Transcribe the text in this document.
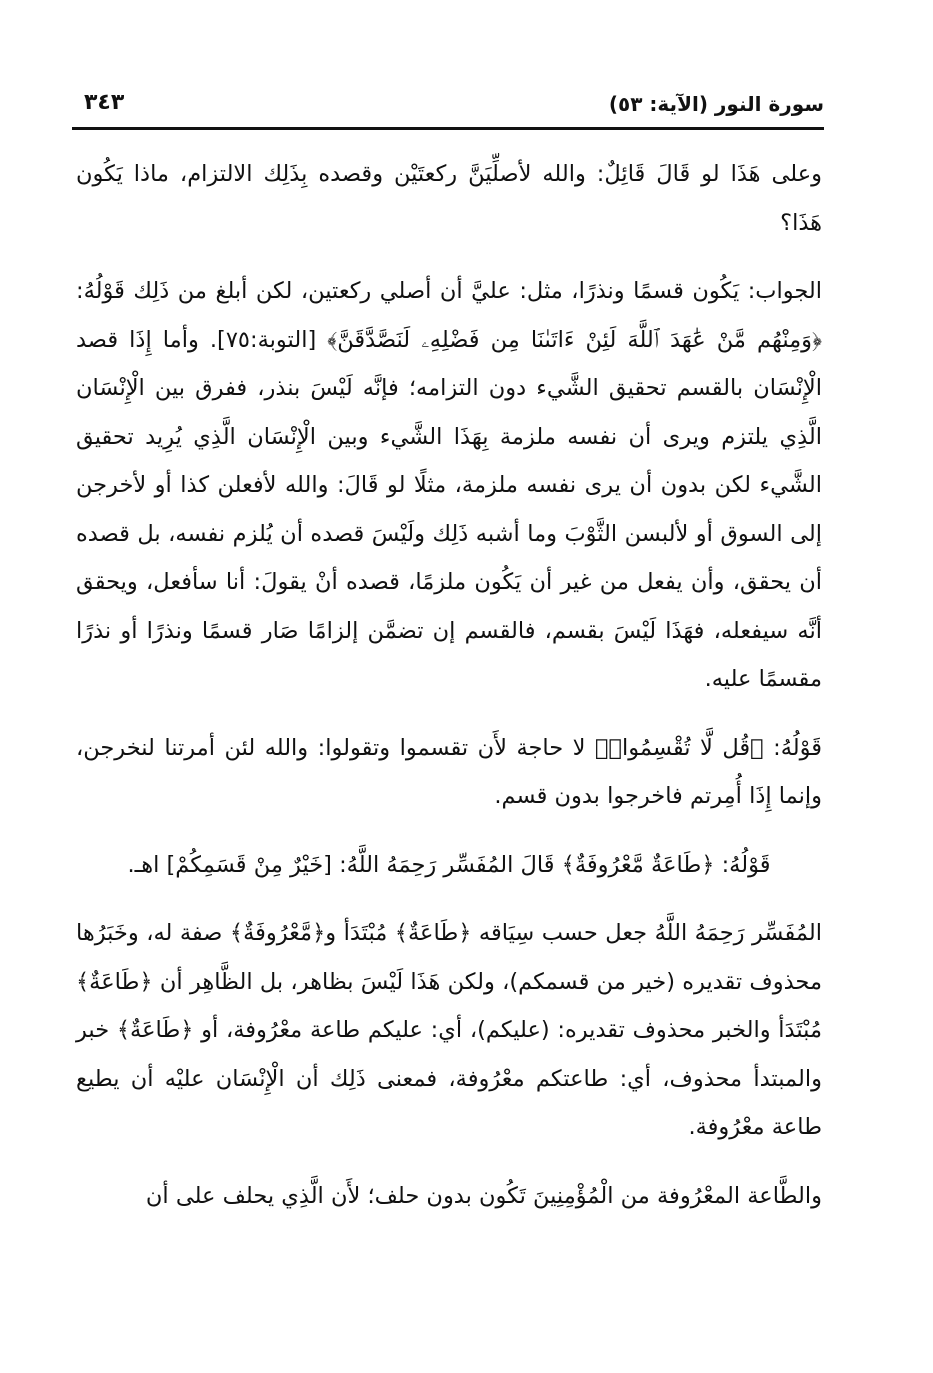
سورة النور (الآية: ٥٣)
٣٤٣

وعلى هَذَا لو قَالَ قَائِلٌ: والله لأصلِّيَنَّ ركعتَيْن وقصده بِذَلِك الالتزام، ماذا يَكُون هَذَا؟

الجواب: يَكُون قسمًا ونذرًا، مثل: عليَّ أن أصلي ركعتين، لكن أبلغ من ذَلِك قَوْلُهُ: ﴿وَمِنْهُم مَّنْ عَٰهَدَ ٱللَّهَ لَئِنْ ءَاتَىٰنَا مِن فَضْلِهِۦ لَنَصَّدَّقَنَّ﴾ [التوبة:٧٥]. وأما إِذَا قصد الْإِنْسَان بالقسم تحقيق الشَّيء دون التزامه؛ فإنَّه لَيْسَ بنذر، ففرق بين الْإِنْسَان الَّذِي يلتزم ويرى أن نفسه ملزمة بِهَذَا الشَّيء وبين الْإِنْسَان الَّذِي يُرِيد تحقيق الشَّيء لكن بدون أن يرى نفسه ملزمة، مثلًا لو قَالَ: والله لأفعلن كذا أو لأخرجن إلى السوق أو لألبسن الثَّوْبَ وما أشبه ذَلِك ولَيْسَ قصده أن يُلزم نفسه، بل قصده أن يحقق، وأن يفعل من غير أن يَكُون ملزمًا، قصده أنْ يقولَ: أنا سأفعل، ويحقق أنَّه سيفعله، فهَذَا لَيْسَ بقسم، فالقسم إن تضمَّن إلزامًا صَار قسمًا ونذرًا أو نذرًا مقسمًا عليه.

قَوْلُهُ: ﴿قُل لَّا تُقْسِمُوا۟﴾ لا حاجة لأَن تقسموا وتقولوا: والله لئن أمرتنا لنخرجن، وإنما إِذَا أُمِرتم فاخرجوا بدون قسم.

قَوْلُهُ: ﴿طَاعَةٌ مَّعْرُوفَةٌ﴾ قَالَ المُفَسِّر رَحِمَهُ اللَّهُ: [خَيْرٌ مِنْ قَسَمِكُمْ] اهـ.

المُفَسِّر رَحِمَهُ اللَّهُ جعل حسب سِيَاقه ﴿طَاعَةٌ﴾ مُبْتَدَأ و﴿مَّعْرُوفَةٌ﴾ صفة له، وخَبَرُها محذوف تقديره (خير من قسمكم)، ولكن هَذَا لَيْسَ بظاهر، بل الظَّاهِر أن ﴿طَاعَةٌ﴾ مُبْتَدَأ والخبر محذوف تقديره: (عليكم)، أي: عليكم طاعة معْرُوفة، أو ﴿طَاعَةٌ﴾ خبر والمبتدأ محذوف، أي: طاعتكم معْرُوفة، فمعنى ذَلِك أن الْإِنْسَان عليْه أن يطيع طاعة معْرُوفة.

والطَّاعة المعْرُوفة من الْمُؤْمِنِينَ تَكُون بدون حلف؛ لأَن الَّذِي يحلف على أن
